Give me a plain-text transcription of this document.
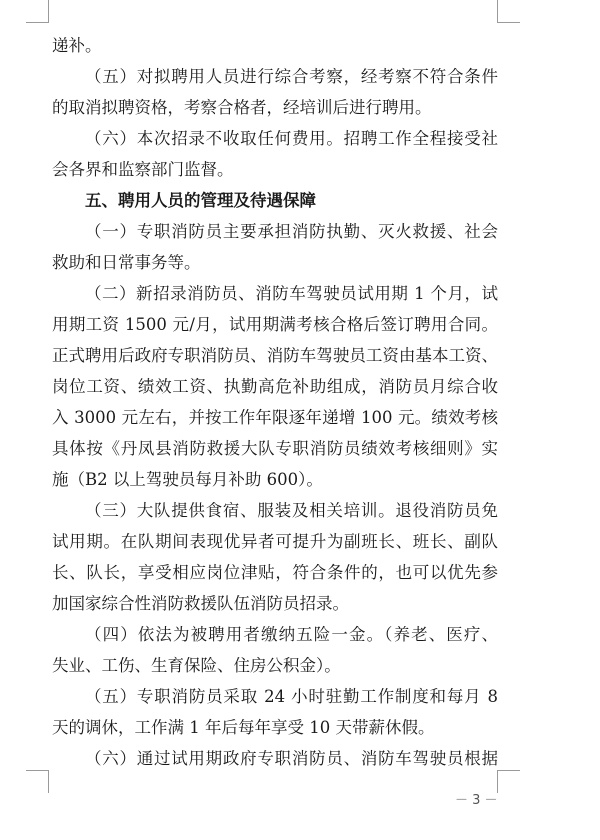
递补。
（五）对拟聘用人员进行综合考察，经考察不符合条件
的取消拟聘资格，考察合格者，经培训后进行聘用。
（六）本次招录不收取任何费用。招聘工作全程接受社
会各界和监察部门监督。
五、聘用人员的管理及待遇保障
（一）专职消防员主要承担消防执勤、灭火救援、社会
救助和日常事务等。
（二）新招录消防员、消防车驾驶员试用期 1 个月，试
用期工资 1500 元/月，试用期满考核合格后签订聘用合同。
正式聘用后政府专职消防员、消防车驾驶员工资由基本工资、
岗位工资、绩效工资、执勤高危补助组成，消防员月综合收
入 3000 元左右，并按工作年限逐年递增 100 元。绩效考核
具体按《丹凤县消防救援大队专职消防员绩效考核细则》实
施（B2 以上驾驶员每月补助 600）。
（三）大队提供食宿、服装及相关培训。退役消防员免
试用期。在队期间表现优异者可提升为副班长、班长、副队
长、队长，享受相应岗位津贴，符合条件的，也可以优先参
加国家综合性消防救援队伍消防员招录。
（四）依法为被聘用者缴纳五险一金。（养老、医疗、
失业、工伤、生育保险、住房公积金）。
（五）专职消防员采取 24 小时驻勤工作制度和每月 8
天的调休，工作满 1 年后每年享受 10 天带薪休假。
（六）通过试用期政府专职消防员、消防车驾驶员根据
－ 3 －
